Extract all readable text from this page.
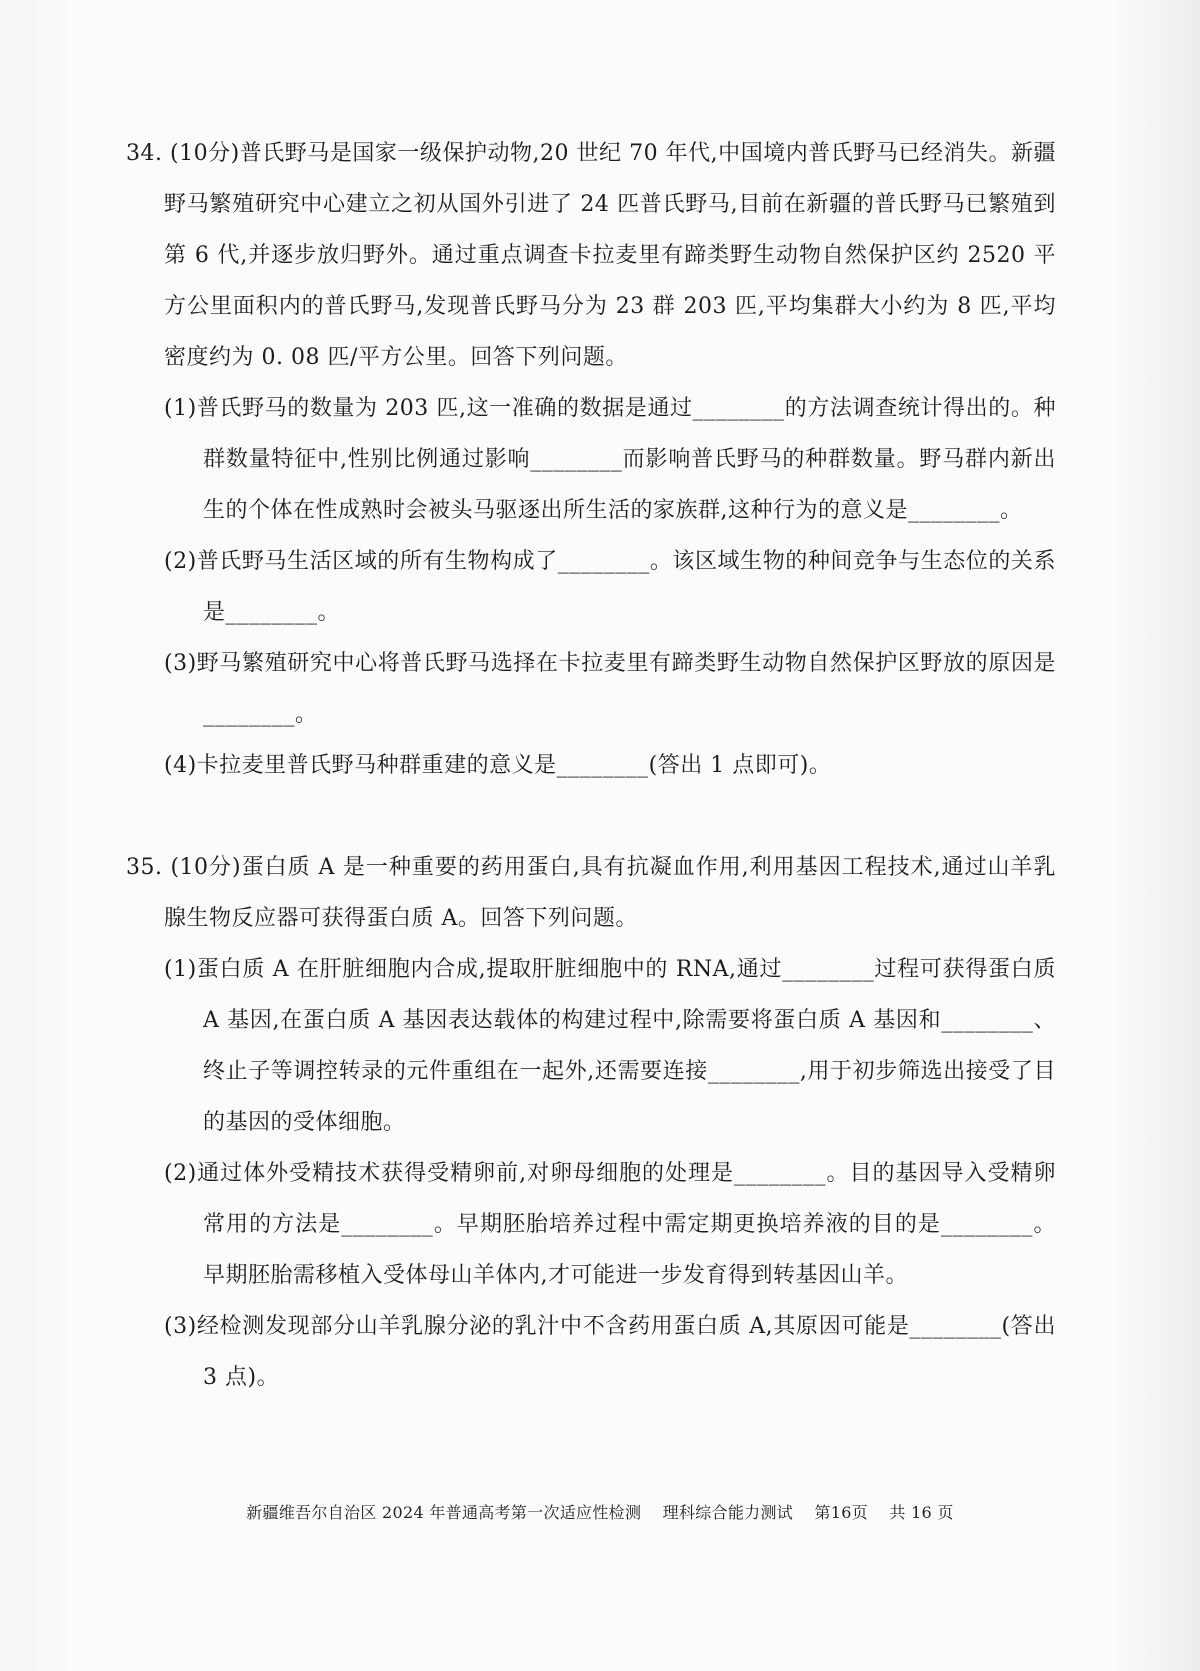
34. (10分)普氏野马是国家一级保护动物,20 世纪 70 年代,中国境内普氏野马已经消失。新疆野马繁殖研究中心建立之初从国外引进了 24 匹普氏野马,目前在新疆的普氏野马已繁殖到第 6 代,并逐步放归野外。通过重点调查卡拉麦里有蹄类野生动物自然保护区约 2520 平方公里面积内的普氏野马,发现普氏野马分为 23 群 203 匹,平均集群大小约为 8 匹,平均密度约为 0. 08 匹/平方公里。回答下列问题。

(1)普氏野马的数量为 203 匹,这一准确的数据是通过________的方法调查统计得出的。种群数量特征中,性别比例通过影响________而影响普氏野马的种群数量。野马群内新出生的个体在性成熟时会被头马驱逐出所生活的家族群,这种行为的意义是________。

(2)普氏野马生活区域的所有生物构成了________。该区域生物的种间竞争与生态位的关系是________。

(3)野马繁殖研究中心将普氏野马选择在卡拉麦里有蹄类野生动物自然保护区野放的原因是________。

(4)卡拉麦里普氏野马种群重建的意义是________(答出 1 点即可)。

35. (10分)蛋白质 A 是一种重要的药用蛋白,具有抗凝血作用,利用基因工程技术,通过山羊乳腺生物反应器可获得蛋白质 A。回答下列问题。

(1)蛋白质 A 在肝脏细胞内合成,提取肝脏细胞中的 RNA,通过________过程可获得蛋白质 A 基因,在蛋白质 A 基因表达载体的构建过程中,除需要将蛋白质 A 基因和________、终止子等调控转录的元件重组在一起外,还需要连接________,用于初步筛选出接受了目的基因的受体细胞。

(2)通过体外受精技术获得受精卵前,对卵母细胞的处理是________。目的基因导入受精卵常用的方法是________。早期胚胎培养过程中需定期更换培养液的目的是________。早期胚胎需移植入受体母山羊体内,才可能进一步发育得到转基因山羊。

(3)经检测发现部分山羊乳腺分泌的乳汁中不含药用蛋白质 A,其原因可能是________(答出 3 点)。

新疆维吾尔自治区 2024 年普通高考第一次适应性检测 理科综合能力测试 第16页 共 16 页
